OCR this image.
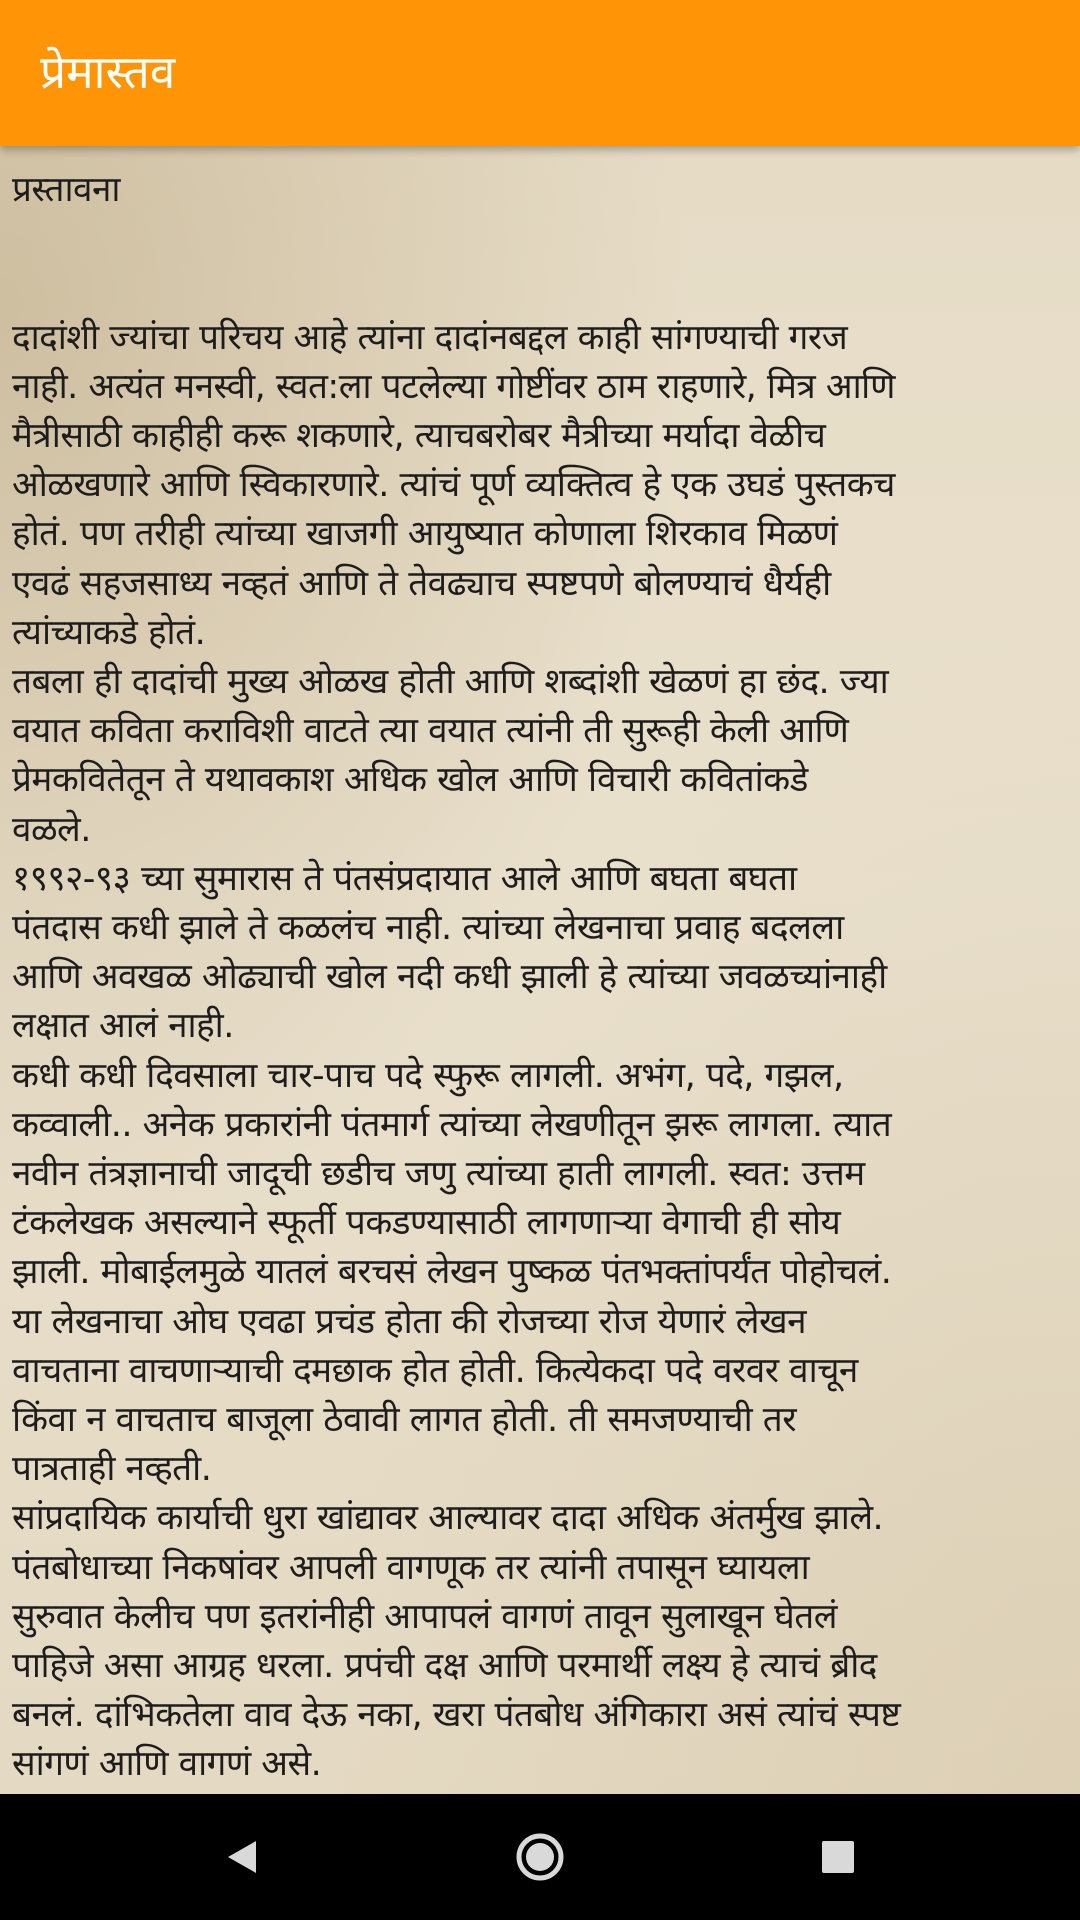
प्रेमास्तव
प्रस्तावना
दादांशी ज्यांचा परिचय आहे त्यांना दादांनबद्दल काही सांगण्याची गरज
नाही. अत्यंत मनस्वी, स्वत:ला पटलेल्या गोष्टींवर ठाम राहणारे, मित्र आणि
मैत्रीसाठी काहीही करू शकणारे, त्याचबरोबर मैत्रीच्या मर्यादा वेळीच
ओळखणारे आणि स्विकारणारे. त्यांचं पूर्ण व्यक्तित्व हे एक उघडं पुस्तकच
होतं. पण तरीही त्यांच्या खाजगी आयुष्यात कोणाला शिरकाव मिळणं
एवढं सहजसाध्य नव्हतं आणि ते तेवढ्याच स्पष्टपणे बोलण्याचं धैर्यही
त्यांच्याकडे होतं.
तबला ही दादांची मुख्य ओळख होती आणि शब्दांशी खेळणं हा छंद. ज्या
वयात कविता कराविशी वाटते त्या वयात त्यांनी ती सुरूही केली आणि
प्रेमकवितेतून ते यथावकाश अधिक खोल आणि विचारी कवितांकडे
वळले.
१९९२-९३ च्या सुमारास ते पंतसंप्रदायात आले आणि बघता बघता
पंतदास कधी झाले ते कळलंच नाही. त्यांच्या लेखनाचा प्रवाह बदलला
आणि अवखळ ओढ्याची खोल नदी कधी झाली हे त्यांच्या जवळच्यांनाही
लक्षात आलं नाही.
कधी कधी दिवसाला चार-पाच पदे स्फुरू लागली. अभंग, पदे, गझल,
कव्वाली.. अनेक प्रकारांनी पंतमार्ग त्यांच्या लेखणीतून झरू लागला. त्यात
नवीन तंत्रज्ञानाची जादूची छडीच जणु त्यांच्या हाती लागली. स्वत: उत्तम
टंकलेखक असल्याने स्फूर्ती पकडण्यासाठी लागणाऱ्या वेगाची ही सोय
झाली. मोबाईलमुळे यातलं बरचसं लेखन पुष्कळ पंतभक्तांपर्यंत पोहोचलं.
या लेखनाचा ओघ एवढा प्रचंड होता की रोजच्या रोज येणारं लेखन
वाचताना वाचणाऱ्याची दमछाक होत होती. कित्येकदा पदे वरवर वाचून
किंवा न वाचताच बाजूला ठेवावी लागत होती. ती समजण्याची तर
पात्रताही नव्हती.
सांप्रदायिक कार्याची धुरा खांद्यावर आल्यावर दादा अधिक अंतर्मुख झाले.
पंतबोधाच्या निकषांवर आपली वागणूक तर त्यांनी तपासून घ्यायला
सुरुवात केलीच पण इतरांनीही आपापलं वागणं तावून सुलाखून घेतलं
पाहिजे असा आग्रह धरला. प्रपंची दक्ष आणि परमार्थी लक्ष्य हे त्याचं ब्रीद
बनलं. दांभिकतेला वाव देऊ नका, खरा पंतबोध अंगिकारा असं त्यांचं स्पष्ट
सांगणं आणि वागणं असे.
